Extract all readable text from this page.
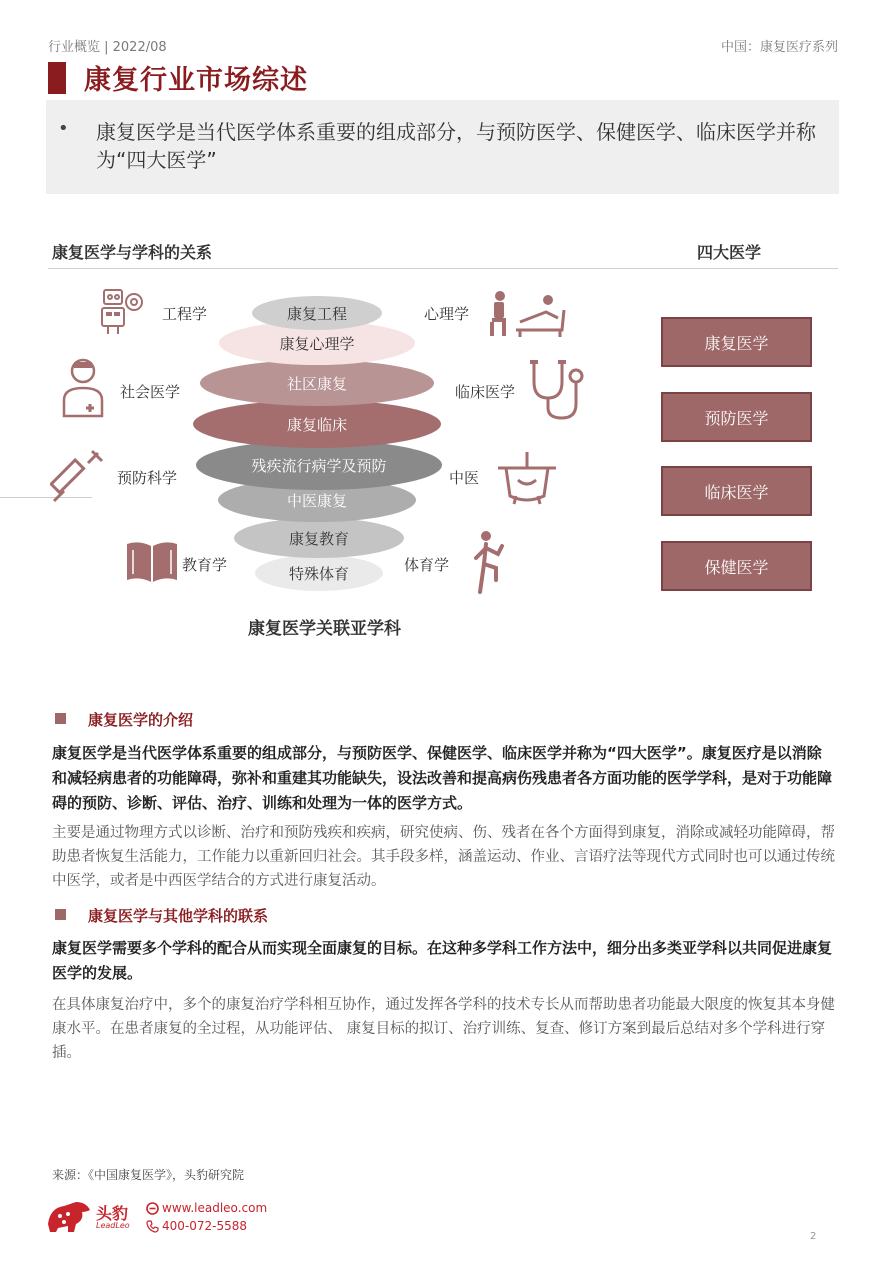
行业概览 | 2022/08	中国：康复医疗系列
康复行业市场综述
• 康复医学是当代医学体系重要的组成部分，与预防医学、保健医学、临床医学并称为“四大医学”
康复医学与学科的关系	四大医学
特殊体育
康复教育
中医康复
残疾流行病学及预防
康复临床
社区康复
康复心理学
康复工程
工程学
社会医学
预防科学
教育学
心理学
临床医学
中医
体育学
康复医学关联亚学科
康复医学
预防医学
临床医学
保健医学
康复医学的介绍
康复医学是当代医学体系重要的组成部分，与预防医学、保健医学、临床医学并称为“四大医学”。康复医疗是以消除和减轻病患者的功能障碍，弥补和重建其功能缺失，设法改善和提高病伤残患者各方面功能的医学学科，是对于功能障碍的预防、诊断、评估、治疗、训练和处理为一体的医学方式。
主要是通过物理方式以诊断、治疗和预防残疾和疾病，研究使病、伤、残者在各个方面得到康复，消除或减轻功能障碍，帮助患者恢复生活能力，工作能力以重新回归社会。其手段多样，涵盖运动、作业、言语疗法等现代方式同时也可以通过传统中医学，或者是中西医学结合的方式进行康复活动。
康复医学与其他学科的联系
康复医学需要多个学科的配合从而实现全面康复的目标。在这种多学科工作方法中，细分出多类亚学科以共同促进康复医学的发展。
在具体康复治疗中，多个的康复治疗学科相互协作，通过发挥各学科的技术专长从而帮助患者功能最大限度的恢复其本身健康水平。在患者康复的全过程，从功能评估、 康复目标的拟订、治疗训练、复查、修订方案到最后总结对多个学科进行穿插。
来源：《中国康复医学》，头豹研究院
头豹
LeadLeo
www.leadleo.com
400-072-5588
2
